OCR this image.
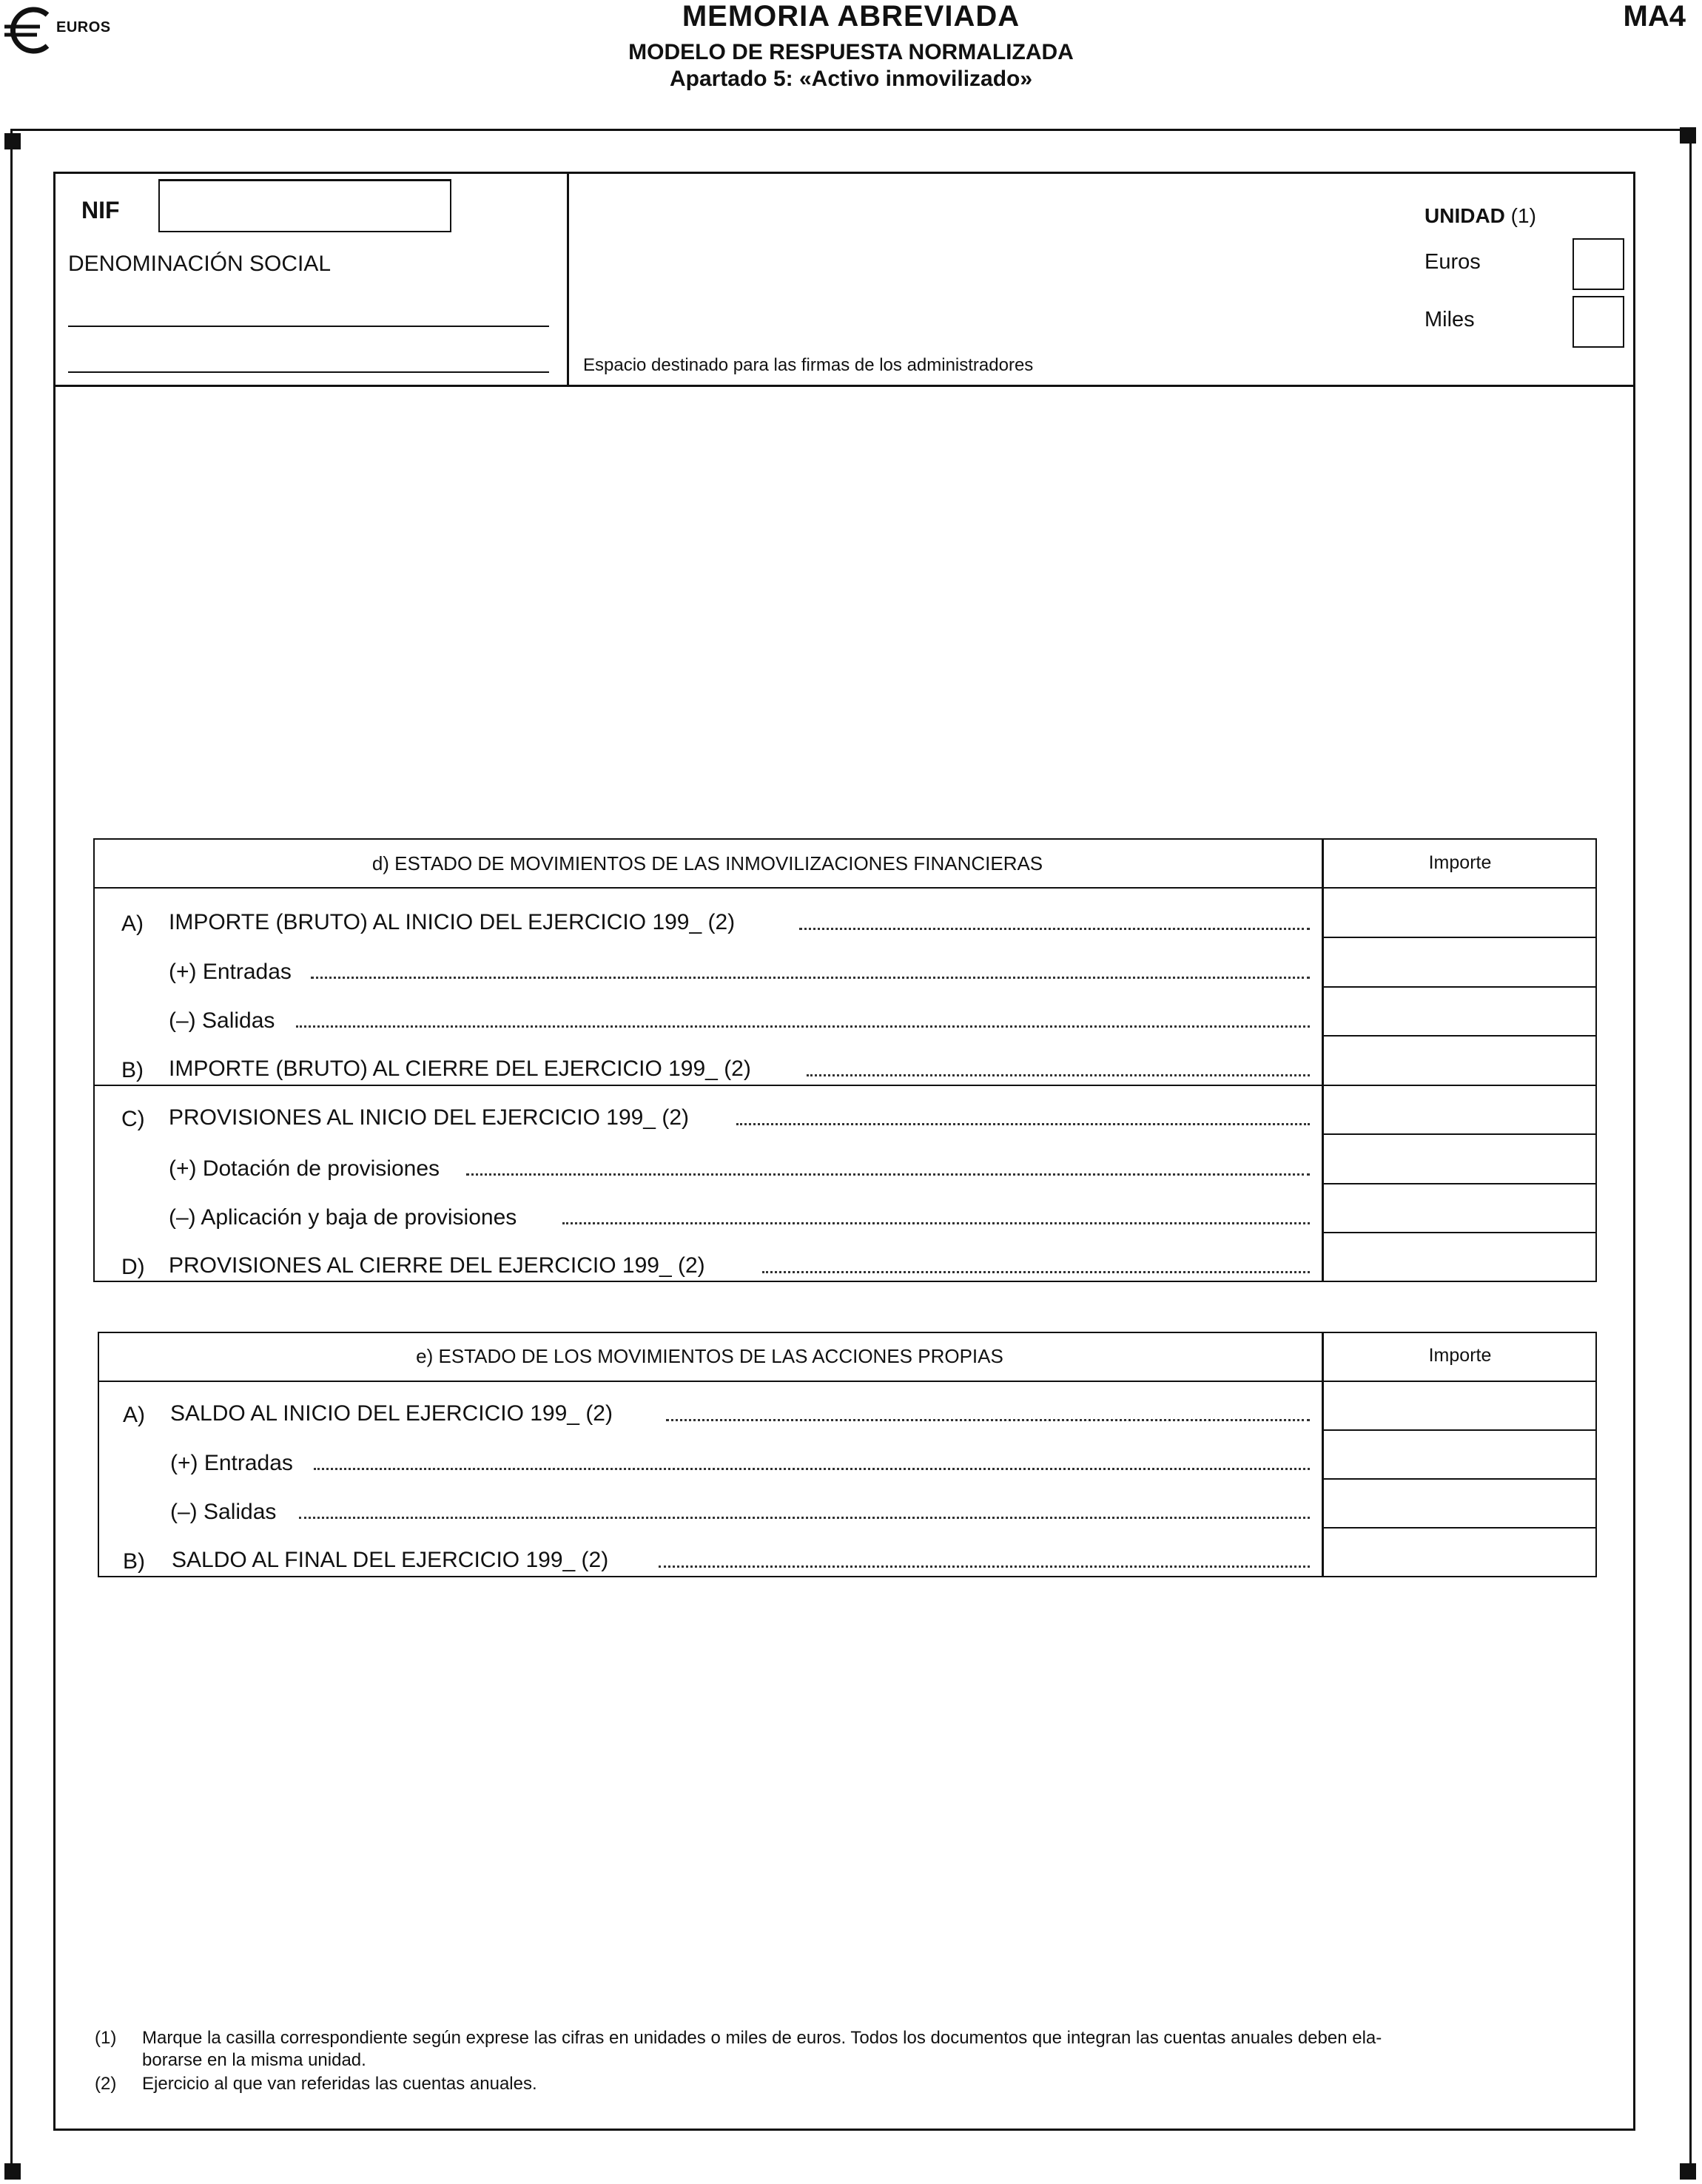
EUROS	MEMORIA ABREVIADA
MODELO DE RESPUESTA NORMALIZADA
Apartado 5: «Activo inmovilizado»
MA4
NIF
DENOMINACIÓN SOCIAL
Espacio destinado para las firmas de los administradores
UNIDAD (1)
Euros
Miles
d) ESTADO DE MOVIMIENTOS DE LAS INMOVILIZACIONES FINANCIERAS	Importe
A) IMPORTE (BRUTO) AL INICIO DEL EJERCICIO 199_ (2)
(+) Entradas
(–) Salidas
B) IMPORTE (BRUTO) AL CIERRE DEL EJERCICIO 199_ (2)
C) PROVISIONES AL INICIO DEL EJERCICIO 199_ (2)
(+) Dotación de provisiones
(–) Aplicación y baja de provisiones
D) PROVISIONES AL CIERRE DEL EJERCICIO 199_ (2)
e) ESTADO DE LOS MOVIMIENTOS DE LAS ACCIONES PROPIAS	Importe
A) SALDO AL INICIO DEL EJERCICIO 199_ (2)
(+) Entradas
(–) Salidas
B) SALDO AL FINAL DEL EJERCICIO 199_ (2)
(1)	Marque la casilla correspondiente según exprese las cifras en unidades o miles de euros. Todos los documentos que integran las cuentas anuales deben ela-
borarse en la misma unidad.
(2)	Ejercicio al que van referidas las cuentas anuales.
